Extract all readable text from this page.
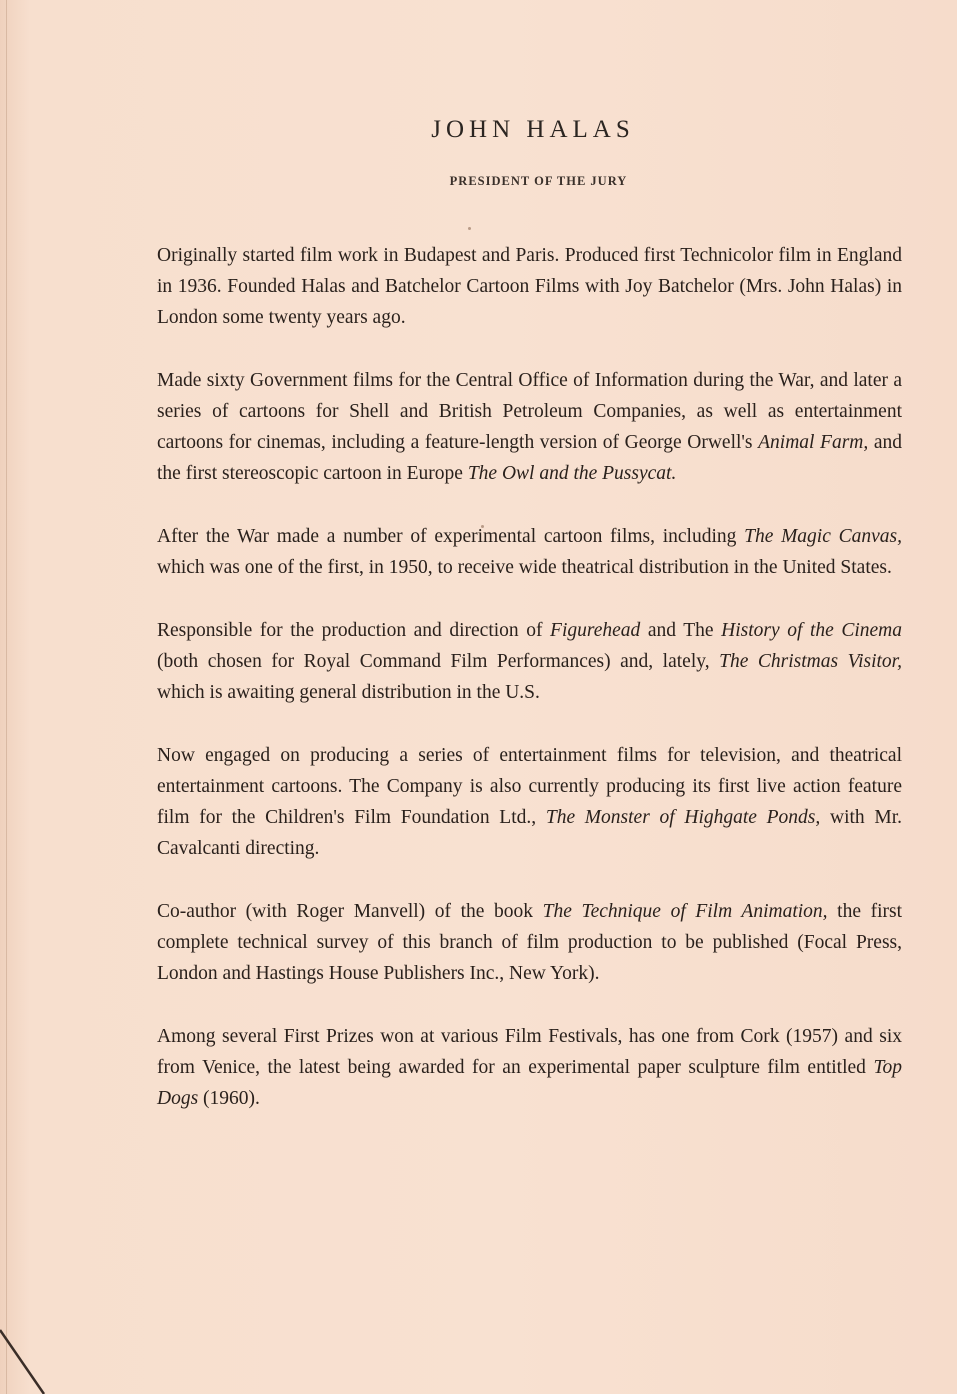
JOHN HALAS
PRESIDENT OF THE JURY

Originally started film work in Budapest and Paris. Produced first Technicolor film in England in 1936. Founded Halas and Batchelor Cartoon Films with Joy Batchelor (Mrs. John Halas) in London some twenty years ago.

Made sixty Government films for the Central Office of Information during the War, and later a series of cartoons for Shell and British Petroleum Companies, as well as entertainment cartoons for cinemas, including a feature-length version of George Orwell's Animal Farm, and the first stereoscopic cartoon in Europe The Owl and the Pussycat.

After the War made a number of experimental cartoon films, including The Magic Canvas, which was one of the first, in 1950, to receive wide theatrical distribution in the United States.

Responsible for the production and direction of Figurehead and The History of the Cinema (both chosen for Royal Command Film Performances) and, lately, The Christmas Visitor, which is awaiting general distribution in the U.S.

Now engaged on producing a series of entertainment films for television, and theatrical entertainment cartoons. The Company is also currently producing its first live action feature film for the Children's Film Foundation Ltd., The Monster of Highgate Ponds, with Mr. Cavalcanti directing.

Co-author (with Roger Manvell) of the book The Technique of Film Animation, the first complete technical survey of this branch of film production to be published (Focal Press, London and Hastings House Publishers Inc., New York).

Among several First Prizes won at various Film Festivals, has one from Cork (1957) and six from Venice, the latest being awarded for an experimental paper sculpture film entitled Top Dogs (1960).
